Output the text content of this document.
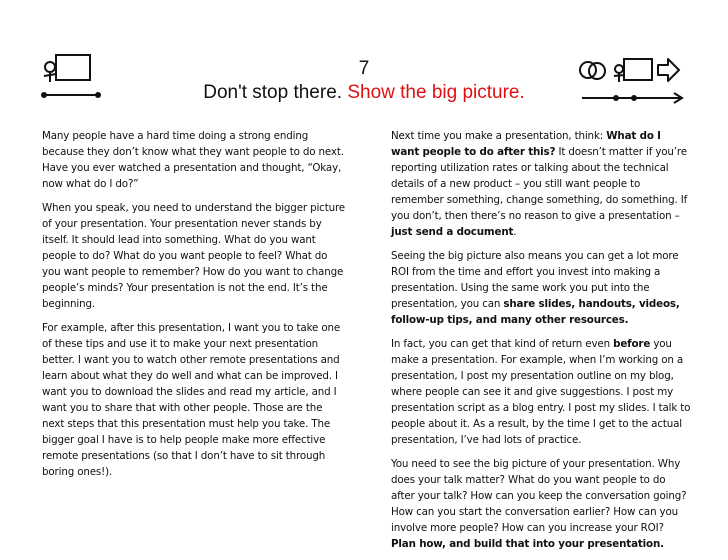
7
Don't stop there. Show the big picture.

Many people have a hard time doing a strong ending because they don’t know what they want people to do next. Have you ever watched a presentation and thought, “Okay, now what do I do?”

When you speak, you need to understand the bigger picture of your presentation. Your presentation never stands by itself. It should lead into something. What do you want people to do? What do you want people to feel? What do you want people to remember? How do you want to change people’s minds? Your presentation is not the end. It’s the beginning.

For example, after this presentation, I want you to take one of these tips and use it to make your next presentation better. I want you to watch other remote presentations and learn about what they do well and what can be improved. I want you to download the slides and read my article, and I want you to share that with other people. Those are the next steps that this presentation must help you take. The bigger goal I have is to help people make more effective remote presentations (so that I don’t have to sit through boring ones!).

Next time you make a presentation, think: What do I want people to do after this? It doesn’t matter if you’re reporting utilization rates or talking about the technical details of a new product – you still want people to remember something, change something, do something. If you don’t, then there’s no reason to give a presentation – just send a document.

Seeing the big picture also means you can get a lot more ROI from the time and effort you invest into making a presentation. Using the same work you put into the presentation, you can share slides, handouts, videos, follow-up tips, and many other resources.

In fact, you can get that kind of return even before you make a presentation. For example, when I’m working on a presentation, I post my presentation outline on my blog, where people can see it and give suggestions. I post my presentation script as a blog entry. I post my slides. I talk to people about it. As a result, by the time I get to the actual presentation, I’ve had lots of practice.

You need to see the big picture of your presentation. Why does your talk matter? What do you want people to do after your talk? How can you keep the conversation going? How can you start the conversation earlier? How can you involve more people? How can you increase your ROI? Plan how, and build that into your presentation.
